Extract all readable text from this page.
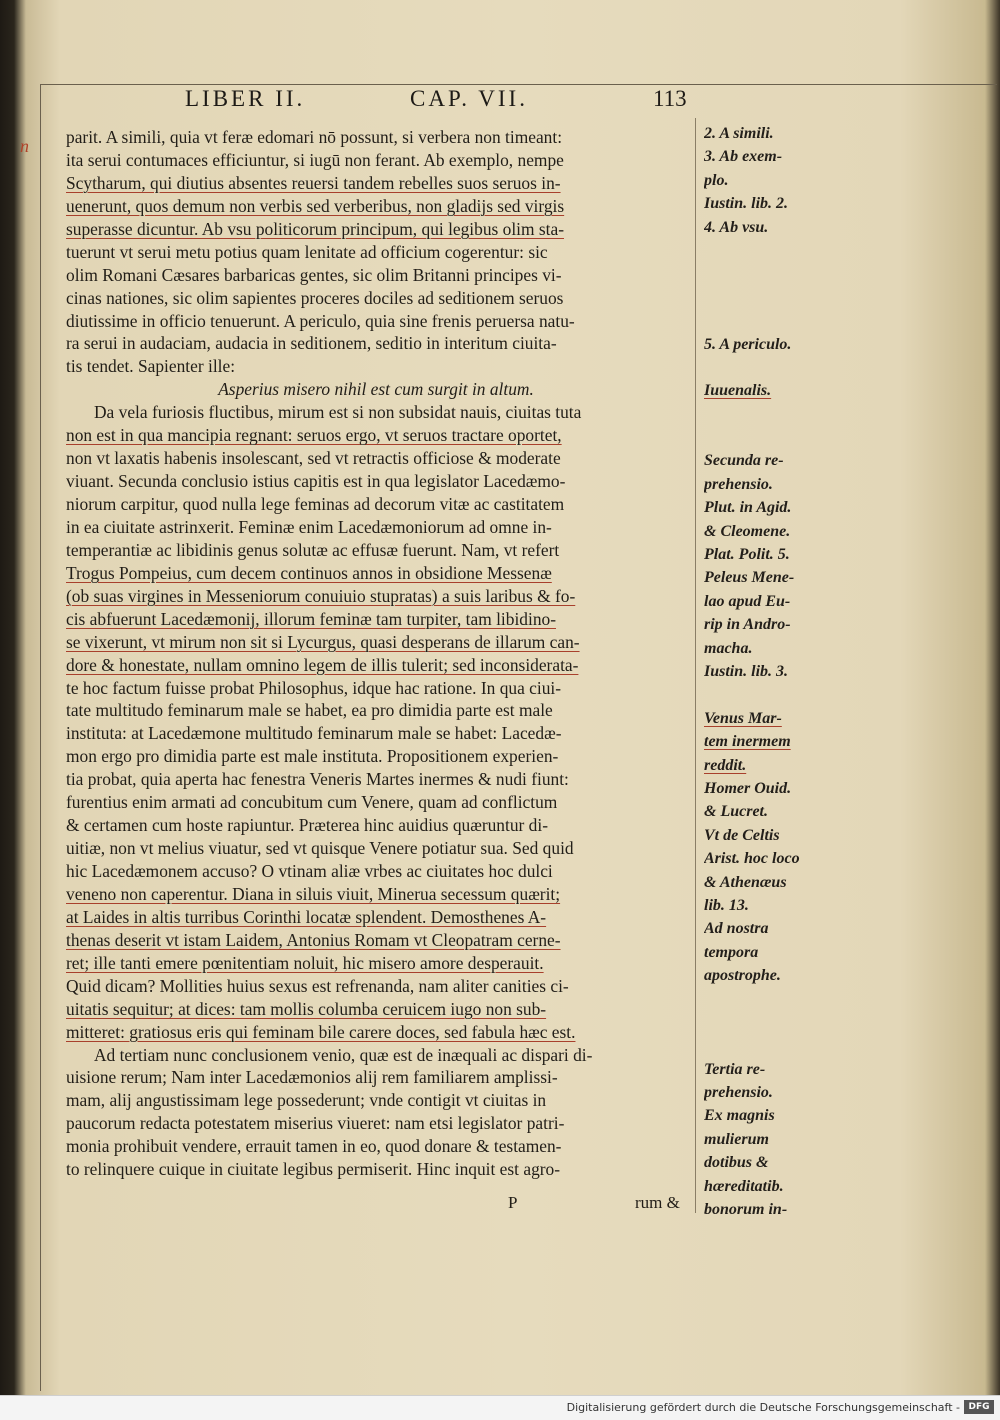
LIBER II.	CAP. VII.	113
n parit. A simili, quia vt feræ edomari nō possunt, si verbera non timeant:
ita serui contumaces efficiuntur, si iugū non ferant. Ab exemplo, nempe
Scytharum, qui diutius absentes reuersi tandem rebelles suos seruos in-
uenerunt, quos demum non verbis sed verberibus, non gladijs sed virgis
superasse dicuntur. Ab vsu politicorum principum, qui legibus olim sta-
tuerunt vt serui metu potius quam lenitate ad officium cogerentur: sic
olim Romani Cæsares barbaricas gentes, sic olim Britanni principes vi-
cinas nationes, sic olim sapientes proceres dociles ad seditionem seruos
diutissime in officio tenuerunt. A periculo, quia sine frenis peruersa natu-
ra serui in audaciam, audacia in seditionem, seditio in interitum ciuita-
tis tendet. Sapienter ille:
Asperius misero nihil est cum surgit in altum.
Da vela furiosis fluctibus, mirum est si non subsidat nauis, ciuitas tuta
non est in qua mancipia regnant: seruos ergo, vt seruos tractare oportet,
non vt laxatis habenis insolescant, sed vt retractis officiose & moderate
viuant. Secunda conclusio istius capitis est in qua legislator Lacedæmo-
niorum carpitur, quod nulla lege feminas ad decorum vitæ ac castitatem
in ea ciuitate astrinxerit. Feminæ enim Lacedæmoniorum ad omne in-
temperantiæ ac libidinis genus solutæ ac effusæ fuerunt. Nam, vt refert
Trogus Pompeius, cum decem continuos annos in obsidione Messenæ
(ob suas virgines in Messeniorum conuiuio stupratas) a suis laribus & fo-
cis abfuerunt Lacedæmonij, illorum feminæ tam turpiter, tam libidino-
se vixerunt, vt mirum non sit si Lycurgus, quasi desperans de illarum can-
dore & honestate, nullam omnino legem de illis tulerit; sed inconsiderata-
te hoc factum fuisse probat Philosophus, idque hac ratione. In qua ciui-
tate multitudo feminarum male se habet, ea pro dimidia parte est male
instituta: at Lacedæmone multitudo feminarum male se habet: Lacedæ-
mon ergo pro dimidia parte est male instituta. Propositionem experien-
tia probat, quia aperta hac fenestra Veneris Martes inermes & nudi fiunt:
furentius enim armati ad concubitum cum Venere, quam ad conflictum
& certamen cum hoste rapiuntur. Præterea hinc auidius quæruntur di-
uitiæ, non vt melius viuatur, sed vt quisque Venere potiatur sua. Sed quid
hic Lacedæmonem accuso? O vtinam aliæ vrbes ac ciuitates hoc dulci
veneno non caperentur. Diana in siluis viuit, Minerua secessum quærit;
at Laides in altis turribus Corinthi locatæ splendent. Demosthenes A-
thenas deserit vt istam Laidem, Antonius Romam vt Cleopatram cerne-
ret; ille tanti emere pœnitentiam noluit, hic misero amore desperauit.
Quid dicam? Mollities huius sexus est refrenanda, nam aliter canities ci-
uitatis sequitur; at dices: tam mollis columba ceruicem iugo non sub-
mitteret: gratiosus eris qui feminam bile carere doces, sed fabula hæc est.
Ad tertiam nunc conclusionem venio, quæ est de inæquali ac dispari di-
uisione rerum; Nam inter Lacedæmonios alij rem familiarem amplissi-
mam, alij angustissimam lege possederunt; vnde contigit vt ciuitas in
paucorum redacta potestatem miserius viueret: nam etsi legislator patri-
monia prohibuit vendere, errauit tamen in eo, quod donare & testamen-
to relinquere cuique in ciuitate legibus permiserit. Hinc inquit est agro-
P	rum &
2. A simili.
3. Ab exem-
plo.
Iustin. lib. 2.
4. Ab vsu.
5. A periculo.
Iuuenalis.
Secunda re-
prehensio.
Plut. in Agid.
& Cleomene.
Plat. Polit. 5.
Peleus Mene-
lao apud Eu-
rip in Andro-
macha.
Iustin. lib. 3.
Venus Mar-
tem inermem
reddit.
Homer Ouid.
& Lucret.
Vt de Celtis
Arist. hoc loco
& Athenæus
lib. 13.
Ad nostra
tempora
apostrophe.
Tertia re-
prehensio.
Ex magnis
mulierum
dotibus &
hæreditatib.
bonorum in-
Digitalisierung gefördert durch die Deutsche Forschungsgemeinschaft - DFG
